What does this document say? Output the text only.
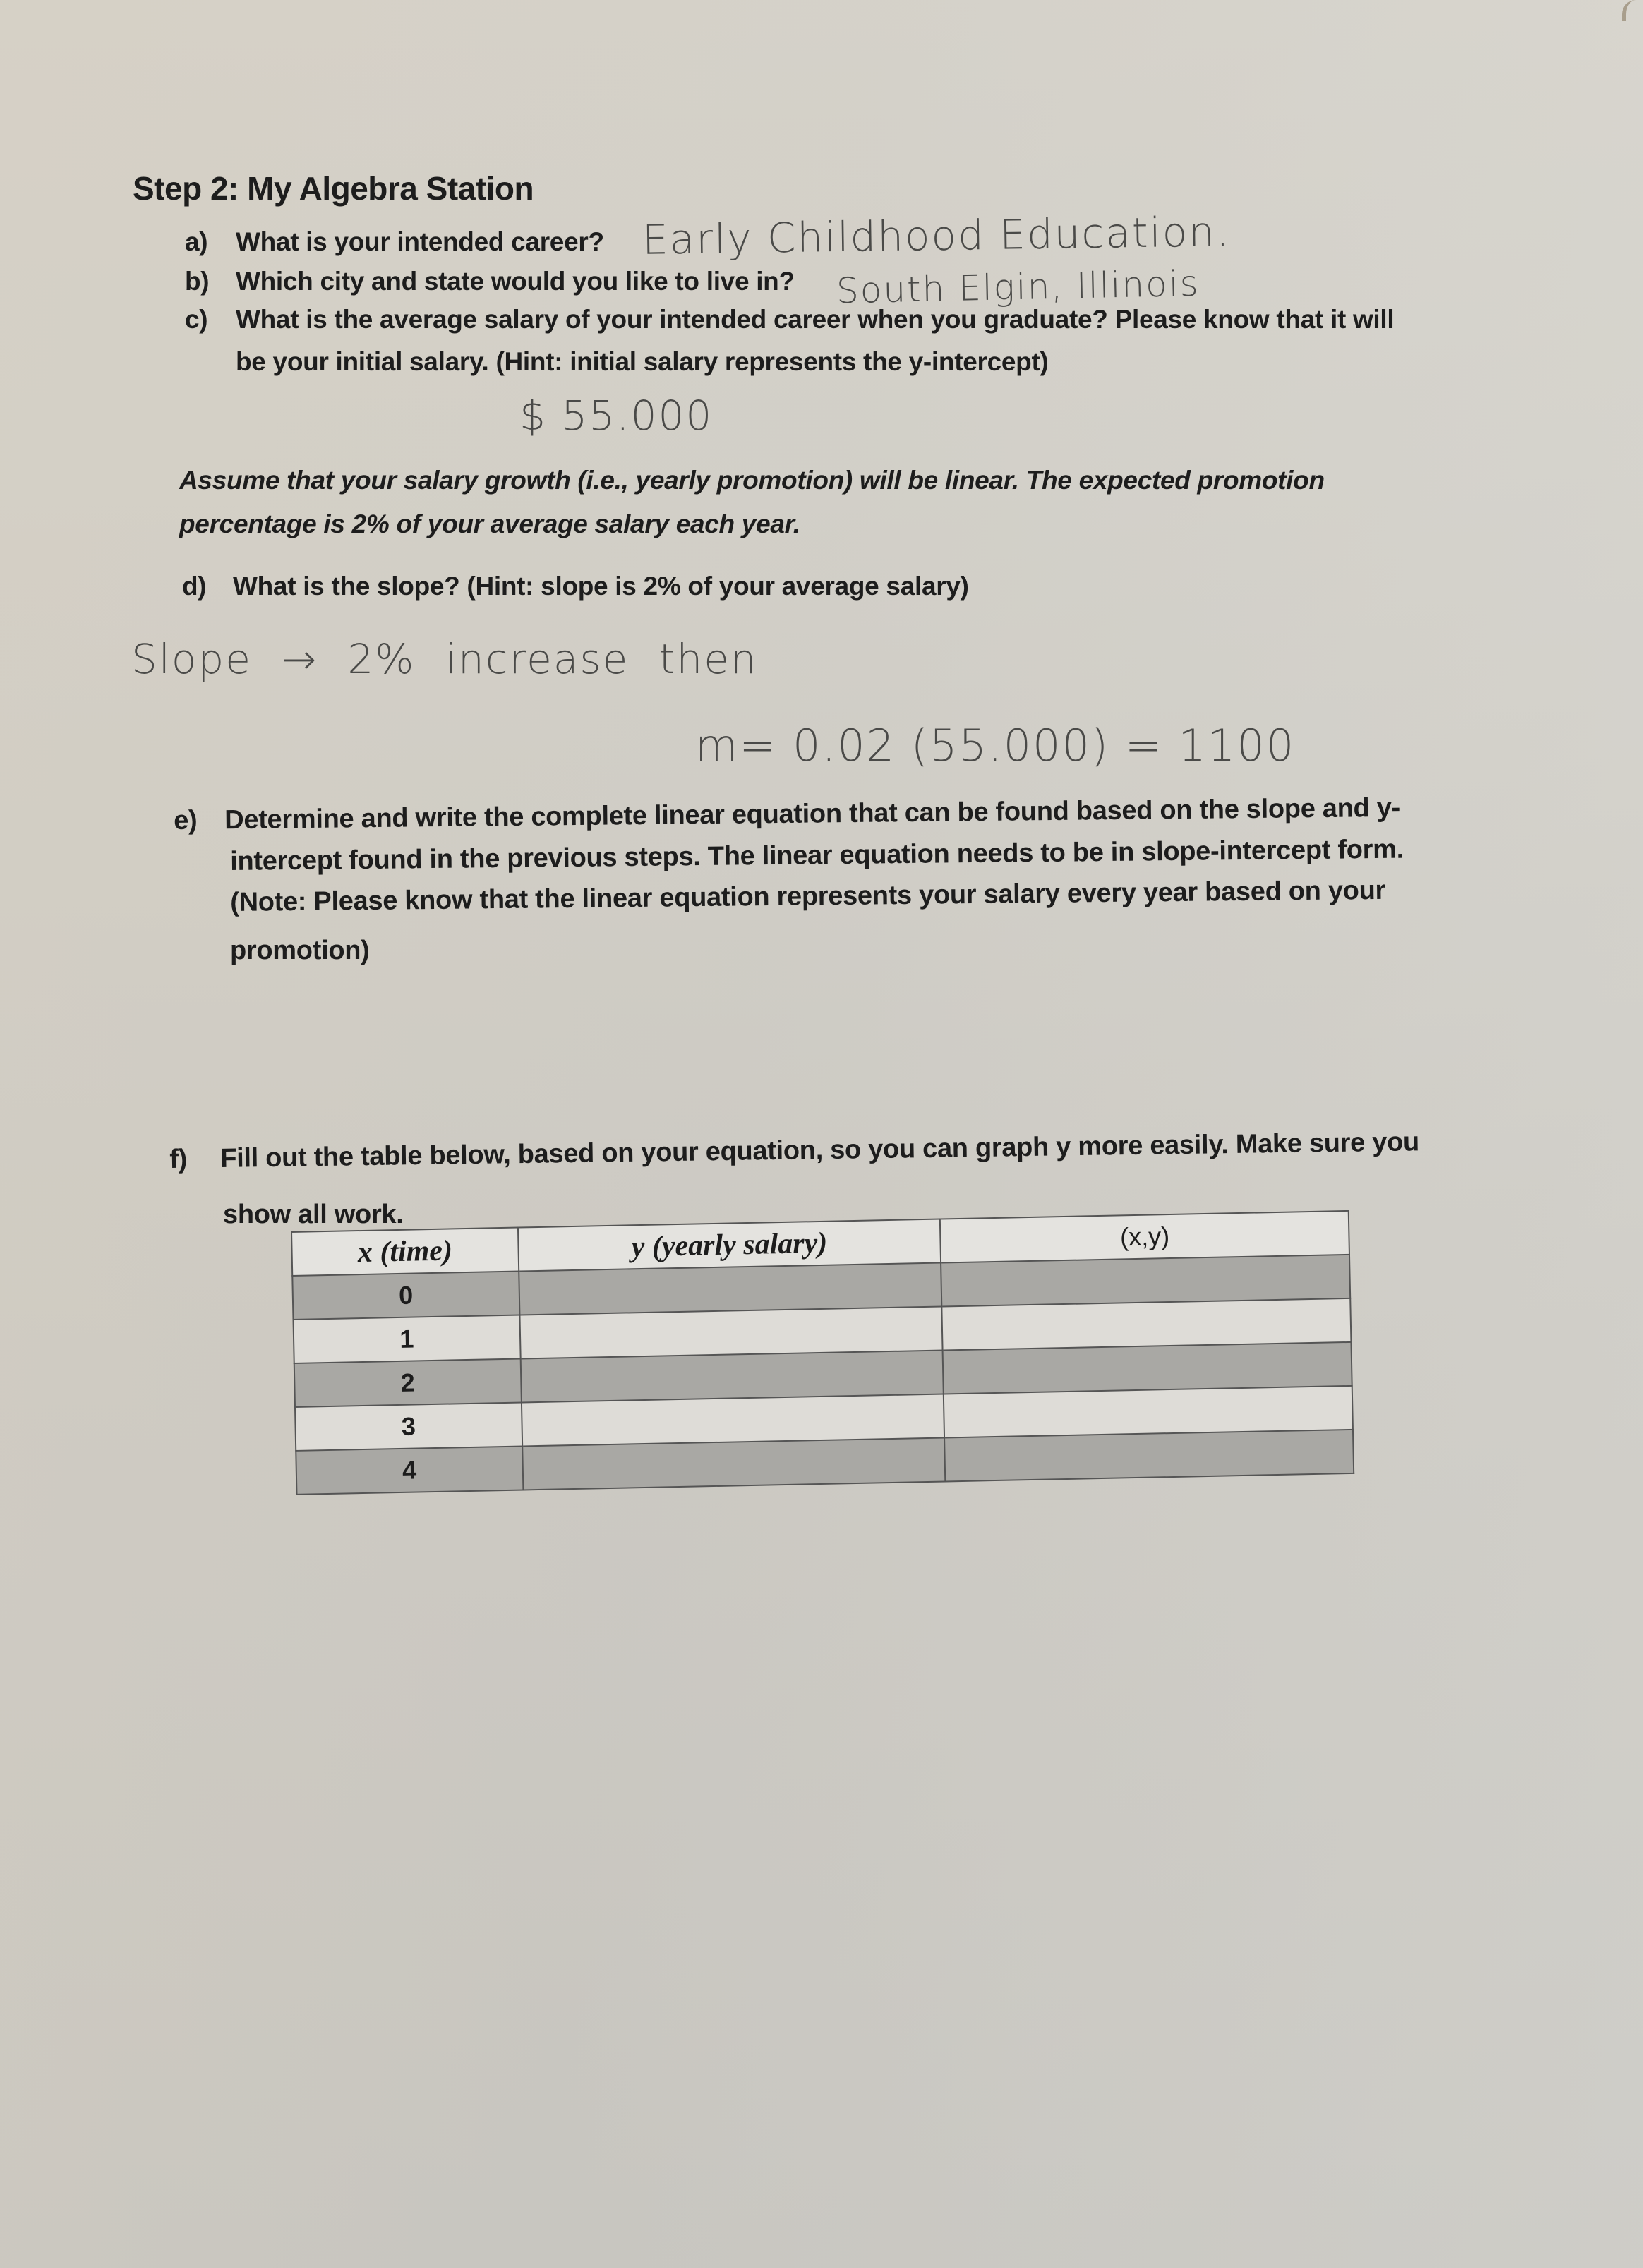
Step 2: My Algebra Station
a) What is your intended career? Early Childhood Education.
b) Which city and state would you like to live in? South Elgin, Illinois
c) What is the average salary of your intended career when you graduate? Please know that it will
be your initial salary. (Hint: initial salary represents the y-intercept)
$ 55.000
Assume that your salary growth (i.e., yearly promotion) will be linear. The expected promotion
percentage is 2% of your average salary each year.
d) What is the slope? (Hint: slope is 2% of your average salary)
Slope → 2% increase then
m= 0.02 (55.000) = 1100
e) Determine and write the complete linear equation that can be found based on the slope and y-
intercept found in the previous steps. The linear equation needs to be in slope-intercept form.
(Note: Please know that the linear equation represents your salary every year based on your
promotion)
f) Fill out the table below, based on your equation, so you can graph y more easily. Make sure you
show all work.
x (time)	y (yearly salary)	(x,y)
0		
1		
2		
3		
4		
